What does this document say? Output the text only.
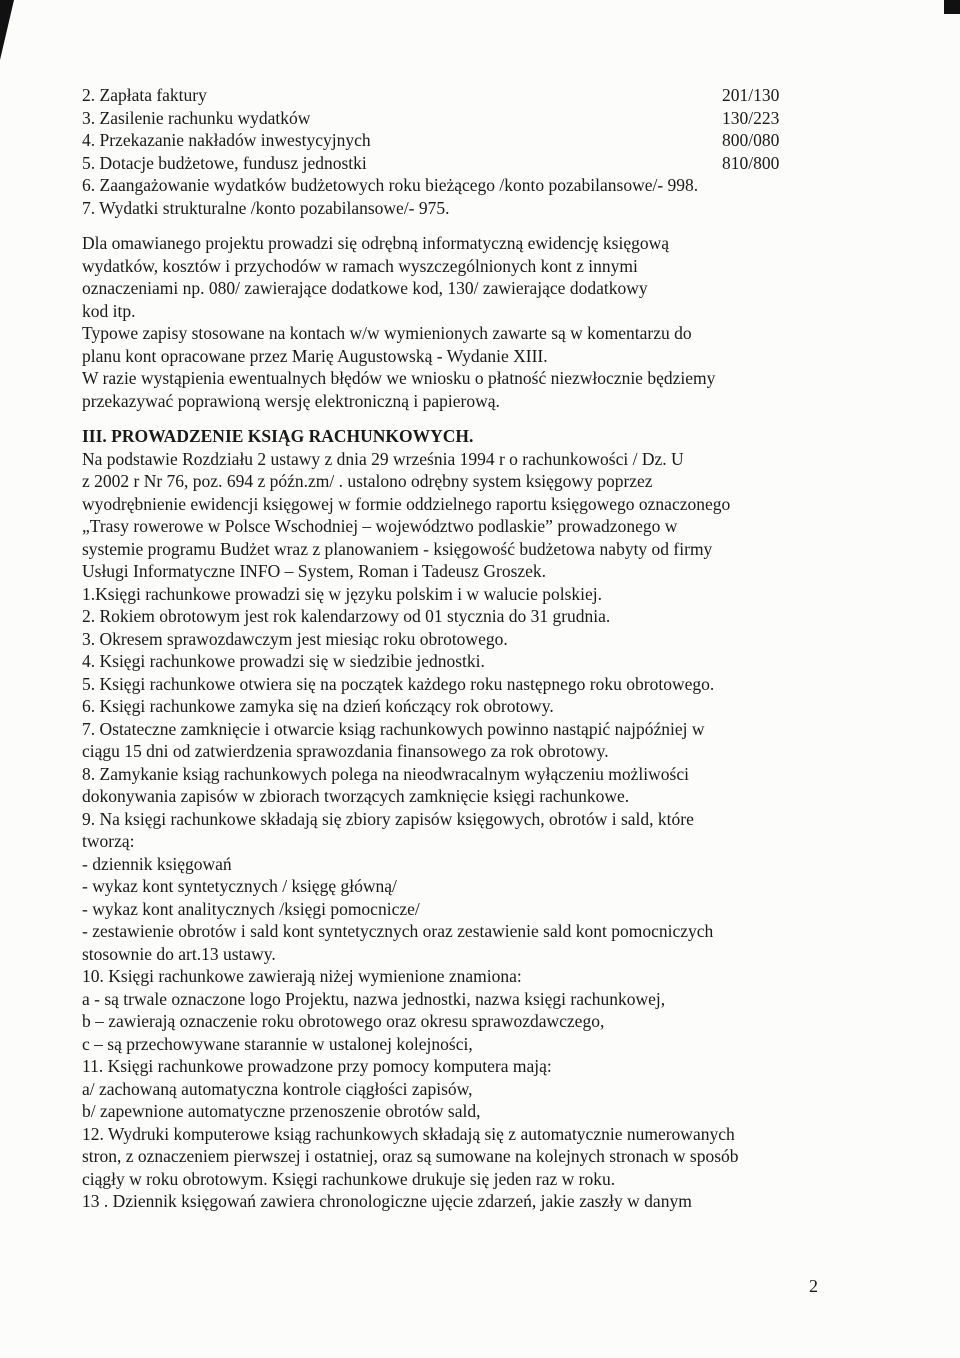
2. Zapłata faktury	201/130
3. Zasilenie rachunku wydatków	130/223
4. Przekazanie nakładów inwestycyjnych	800/080
5. Dotacje budżetowe, fundusz jednostki	810/800
6. Zaangażowanie wydatków budżetowych roku bieżącego /konto pozabilansowe/- 998.
7. Wydatki strukturalne /konto pozabilansowe/- 975.
Dla omawianego projektu prowadzi się odrębną informatyczną ewidencję księgową
wydatków, kosztów i przychodów w ramach wyszczególnionych kont z innymi
oznaczeniami np. 080/ zawierające dodatkowe kod, 130/ zawierające dodatkowy
kod itp.
Typowe zapisy stosowane na kontach w/w wymienionych zawarte są w komentarzu do
planu kont opracowane przez Marię Augustowską - Wydanie XIII.
W razie wystąpienia ewentualnych błędów we wniosku o płatność niezwłocznie będziemy
przekazywać poprawioną wersję elektroniczną i papierową.
III. PROWADZENIE KSIĄG RACHUNKOWYCH.
Na podstawie Rozdziału 2 ustawy z dnia 29 września 1994 r o rachunkowości / Dz. U
z 2002 r Nr 76, poz. 694 z późn.zm/ . ustalono odrębny system księgowy poprzez
wyodrębnienie ewidencji księgowej w formie oddzielnego raportu księgowego oznaczonego
„Trasy rowerowe w Polsce Wschodniej – województwo podlaskie” prowadzonego w
systemie programu Budżet wraz z planowaniem - księgowość budżetowa nabyty od firmy
Usługi Informatyczne INFO – System, Roman i Tadeusz Groszek.
1.Księgi rachunkowe prowadzi się w języku polskim i w walucie polskiej.
2. Rokiem obrotowym jest rok kalendarzowy od 01 stycznia do 31 grudnia.
3. Okresem sprawozdawczym jest miesiąc roku obrotowego.
4. Księgi rachunkowe prowadzi się w siedzibie jednostki.
5. Księgi rachunkowe otwiera się na początek każdego roku następnego roku obrotowego.
6. Księgi rachunkowe zamyka się na dzień kończący rok obrotowy.
7. Ostateczne zamknięcie i otwarcie ksiąg rachunkowych powinno nastąpić najpóźniej w
ciągu 15 dni od zatwierdzenia sprawozdania finansowego za rok obrotowy.
8. Zamykanie ksiąg rachunkowych polega na nieodwracalnym wyłączeniu możliwości
dokonywania zapisów w zbiorach tworzących zamknięcie księgi rachunkowe.
9. Na księgi rachunkowe składają się zbiory zapisów księgowych, obrotów i sald, które
tworzą:
- dziennik księgowań
- wykaz kont syntetycznych / księgę główną/
- wykaz kont analitycznych /księgi pomocnicze/
- zestawienie obrotów i sald kont syntetycznych oraz zestawienie sald kont pomocniczych
stosownie do art.13 ustawy.
10. Księgi rachunkowe zawierają niżej wymienione znamiona:
a - są trwale oznaczone logo Projektu, nazwa jednostki, nazwa księgi rachunkowej,
b – zawierają oznaczenie roku obrotowego oraz okresu sprawozdawczego,
c – są przechowywane starannie w ustalonej kolejności,
11. Księgi rachunkowe prowadzone przy pomocy komputera mają:
a/ zachowaną automatyczna kontrole ciągłości zapisów,
b/ zapewnione automatyczne przenoszenie obrotów sald,
12. Wydruki komputerowe ksiąg rachunkowych składają się z automatycznie numerowanych
stron, z oznaczeniem pierwszej i ostatniej, oraz są sumowane na kolejnych stronach w sposób
ciągły w roku obrotowym. Księgi rachunkowe drukuje się jeden raz w roku.
13 . Dziennik księgowań zawiera chronologiczne ujęcie zdarzeń, jakie zaszły w danym
2
